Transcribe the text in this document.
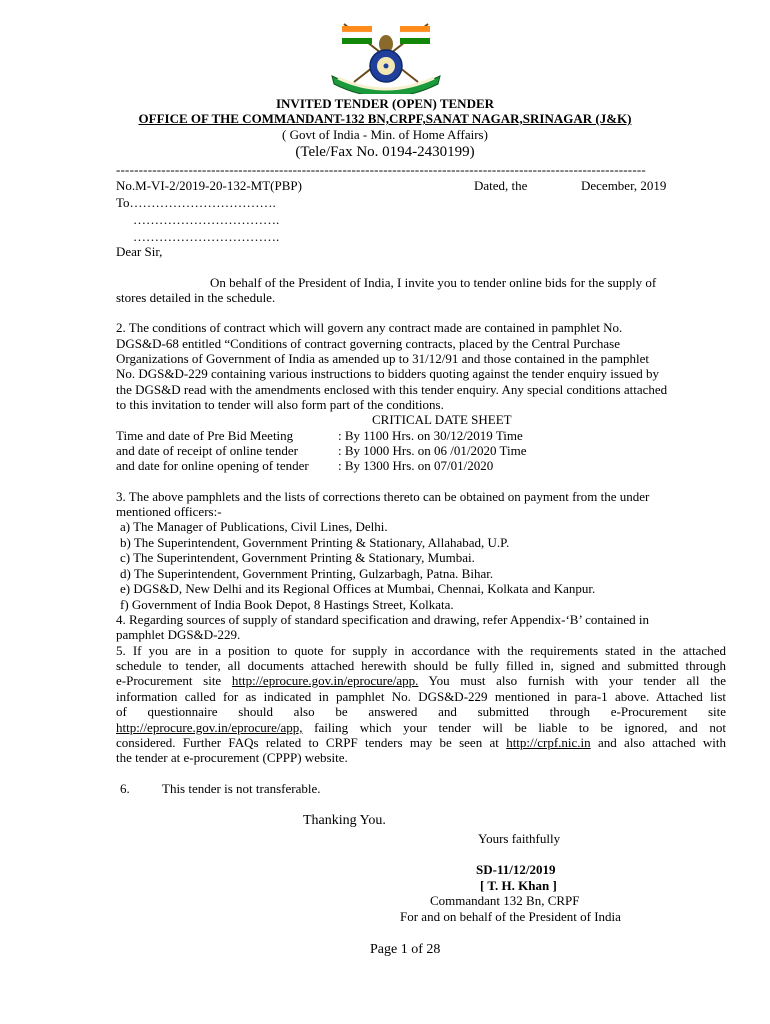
INVITED TENDER (OPEN) TENDER
OFFICE OF THE COMMANDANT-132 BN,CRPF,SANAT NAGAR,SRINAGAR (J&K)
( Govt of India - Min. of Home Affairs)
(Tele/Fax No. 0194-2430199)
---------------------------------------------------------------------------------------------------------------------
No.M-VI-2/2019-20-132-MT(PBP)	Dated, the	December, 2019
To…………………………….
…………………………….
…………………………….
Dear Sir,
On behalf of the President of India, I invite you to tender online bids for the supply of
stores detailed in the schedule.
2. The conditions of contract which will govern any contract made are contained in pamphlet No.
DGS&D-68 entitled “Conditions of contract governing contracts, placed by the Central Purchase
Organizations of Government of India as amended up to 31/12/91 and those contained in the pamphlet
No. DGS&D-229 containing various instructions to bidders quoting against the tender enquiry issued by
the DGS&D read with the amendments enclosed with this tender enquiry. Any special conditions attached
to this invitation to tender will also form part of the conditions.
CRITICAL DATE SHEET
Time and date of Pre Bid Meeting	: By 1100 Hrs. on 30/12/2019 Time
and date of receipt of online tender	: By 1000 Hrs. on 06 /01/2020 Time
and date for online opening of tender : By 1300 Hrs. on 07/01/2020
3. The above pamphlets and the lists of corrections thereto can be obtained on payment from the under
mentioned officers:-
a) The Manager of Publications, Civil Lines, Delhi.
b) The Superintendent, Government Printing & Stationary, Allahabad, U.P.
c) The Superintendent, Government Printing & Stationary, Mumbai.
d) The Superintendent, Government Printing, Gulzarbagh, Patna. Bihar.
e) DGS&D, New Delhi and its Regional Offices at Mumbai, Chennai, Kolkata and Kanpur.
f) Government of India Book Depot, 8 Hastings Street, Kolkata.
4. Regarding sources of supply of standard specification and drawing, refer Appendix-‘B’ contained in
pamphlet DGS&D-229.
5. If you are in a position to quote for supply in accordance with the requirements stated in the attached
schedule to tender, all documents attached herewith should be fully filled in, signed and submitted through
e-Procurement site http://eprocure.gov.in/eprocure/app. You must also furnish with your tender all the
information called for as indicated in pamphlet No. DGS&D-229 mentioned in para-1 above. Attached list
of questionnaire should also be answered and submitted through e-Procurement site
http://eprocure.gov.in/eprocure/app, failing which your tender will be liable to be ignored, and not
considered. Further FAQs related to CRPF tenders may be seen at http://crpf.nic.in and also attached with
the tender at e-procurement (CPPP) website.
6. This tender is not transferable.
Thanking You.
Yours faithfully
SD-11/12/2019
[ T. H. Khan ]
Commandant 132 Bn, CRPF
For and on behalf of the President of India
Page 1 of 28
